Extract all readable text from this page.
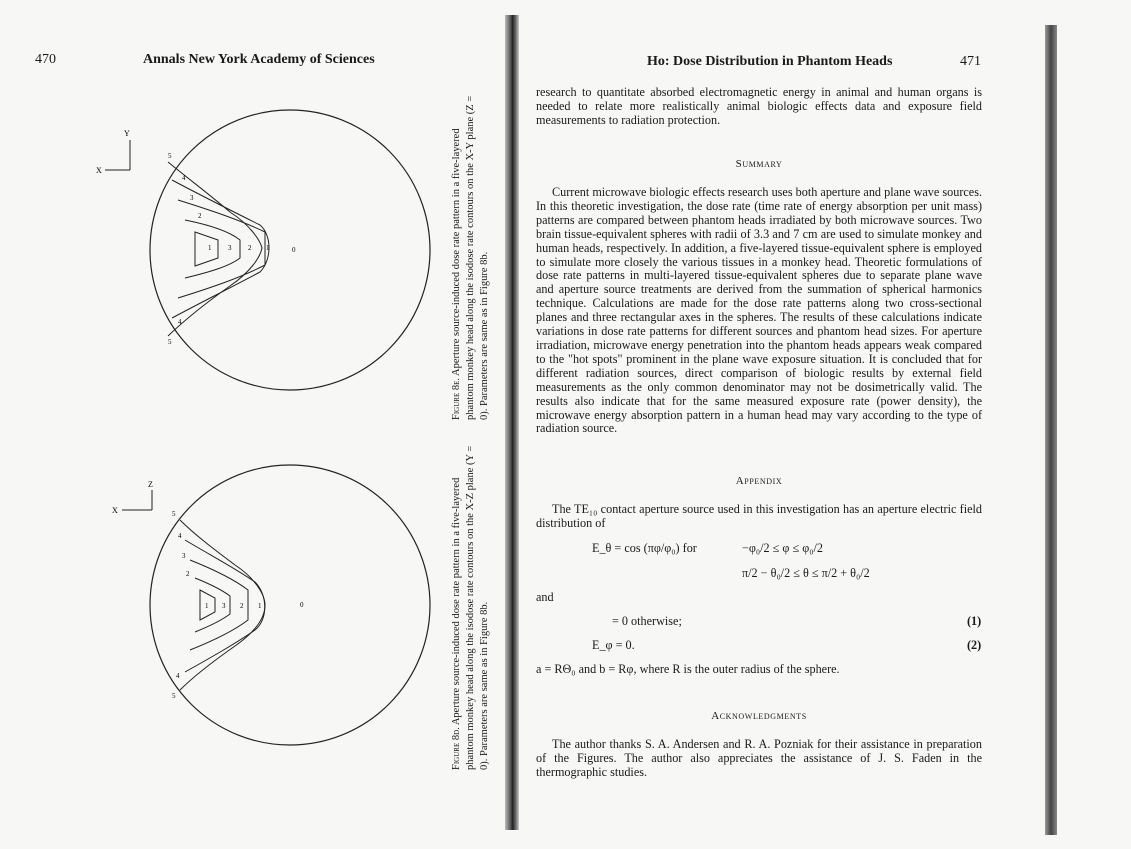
470	Annals New York Academy of Sciences
Y
X
5
4
3
2
1
5
4
3 2 1	0
Figure 8e. Aperture source-induced dose rate pattern in a five-layered phantom monkey head along the isodose rate contours on the X-Y plane (Z = 0). Parameters are same as in Figure 8b.
Z
X	5
4
3
2
1
5
4
3 2 1	0
Figure 8d. Aperture source-induced dose rate pattern in a five-layered phantom monkey head along the isodose rate contours on the X-Z plane (Y = 0). Parameters are same as in Figure 8b.
Ho: Dose Distribution in Phantom Heads	471
research to quantitate absorbed electromagnetic energy in animal and human organs is needed to relate more realistically animal biologic effects data and exposure field measurements to radiation protection.
Summary
Current microwave biologic effects research uses both aperture and plane wave sources. In this theoretic investigation, the dose rate (time rate of energy absorption per unit mass) patterns are compared between phantom heads irradiated by both microwave sources. Two brain tissue-equivalent spheres with radii of 3.3 and 7 cm are used to simulate monkey and human heads, respectively. In addition, a five-layered tissue-equivalent sphere is employed to simulate more closely the various tissues in a monkey head. Theoretic formulations of dose rate patterns in multi-layered tissue-equivalent spheres due to separate plane wave and aperture source treatments are derived from the summation of spherical harmonics technique. Calculations are made for the dose rate patterns along two cross-sectional planes and three rectangular axes in the spheres. The results of these calculations indicate variations in dose rate patterns for different sources and phantom head sizes. For aperture irradiation, microwave energy penetration into the phantom heads appears weak compared to the "hot spots" prominent in the plane wave exposure situation. It is concluded that for different radiation sources, direct comparison of biologic results by external field measurements as the only common denominator may not be dosimetrically valid. The results also indicate that for the same measured exposure rate (power density), the microwave energy absorption pattern in a human head may vary according to the type of radiation source.
Appendix
The TE₁₀ contact aperture source used in this investigation has an aperture electric field distribution of
E_θ = cos (πφ/φ₀) for	−φ₀/2 ≤ φ ≤ φ₀/2
π/2 − θ₀/2 ≤ θ ≤ π/2 + θ₀/2
and
= 0 otherwise;	(1)
E_φ = 0.	(2)
a = RΘ₀ and b = Rφ, where R is the outer radius of the sphere.
Acknowledgments
The author thanks S. A. Andersen and R. A. Pozniak for their assistance in preparation of the Figures. The author also appreciates the assistance of J. S. Faden in the thermographic studies.
